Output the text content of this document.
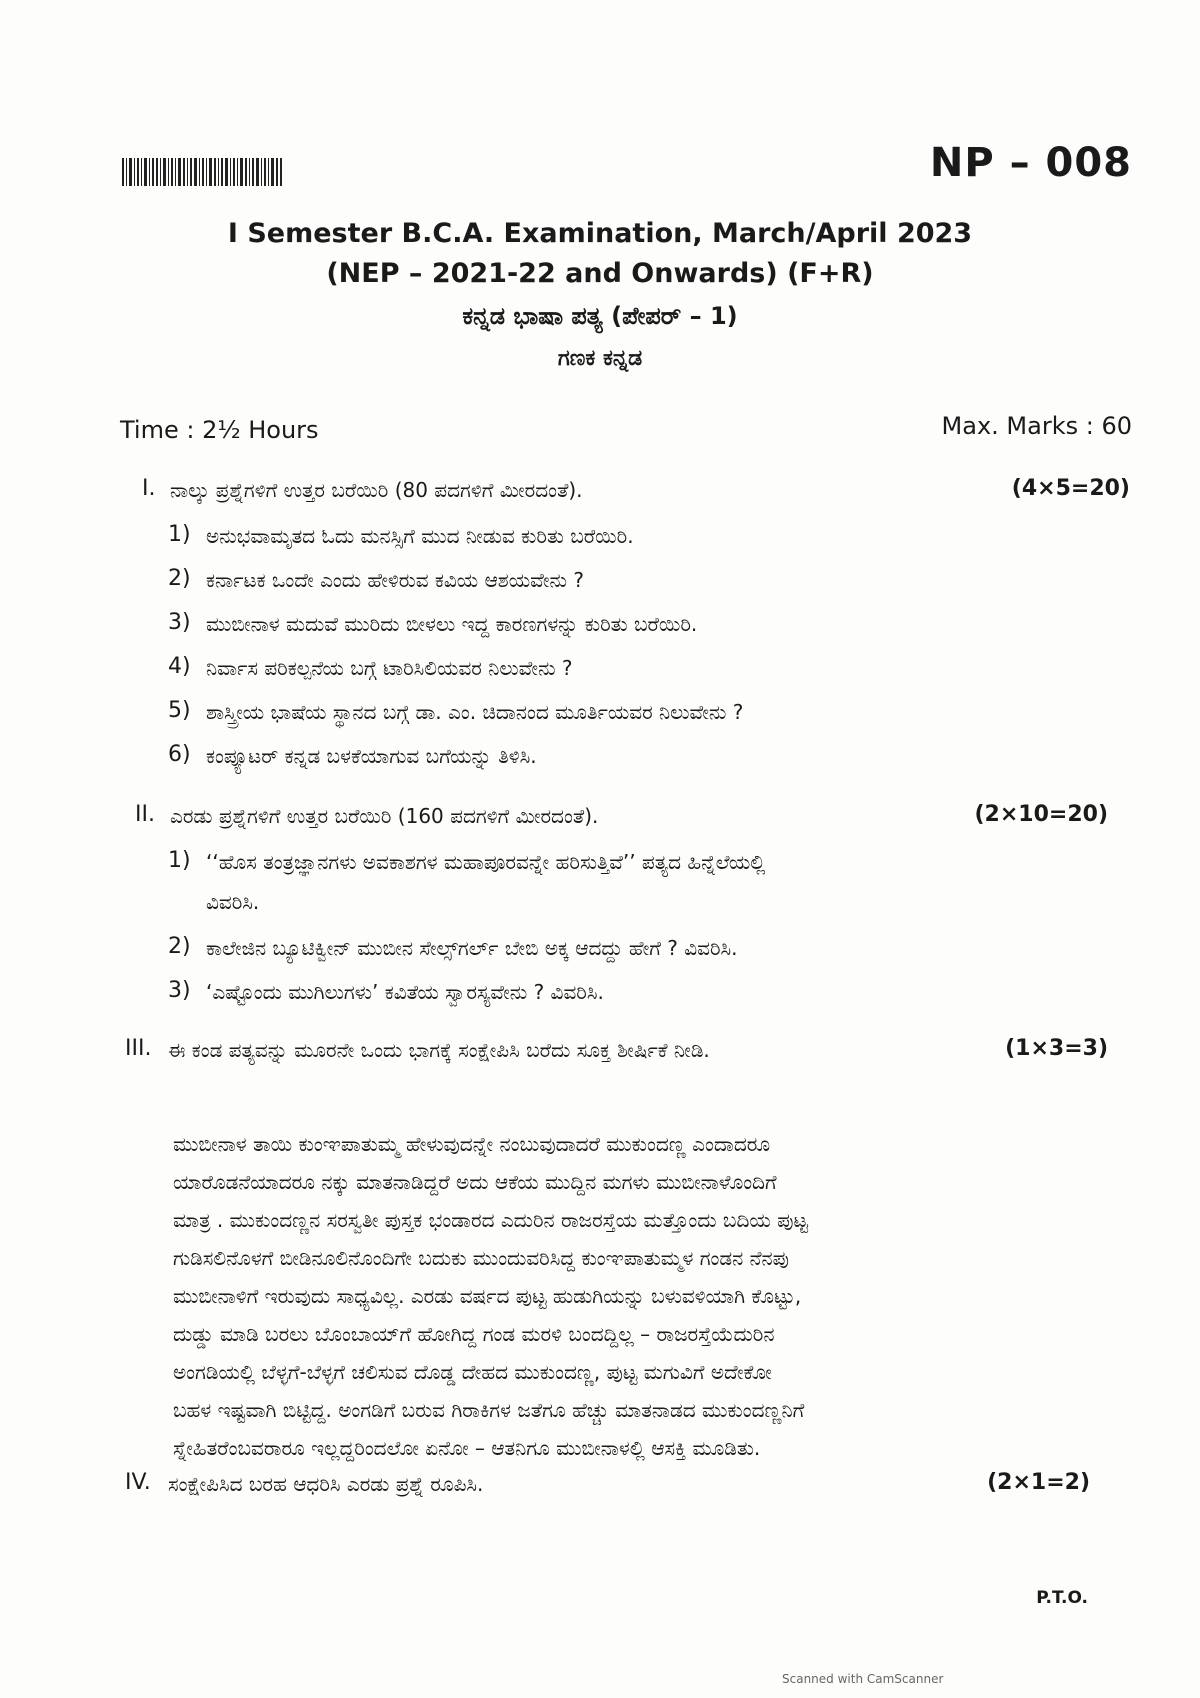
NP – 008
I Semester B.C.A. Examination, March/April 2023
(NEP – 2021-22 and Onwards) (F+R)
ಕನ್ನಡ ಭಾಷಾ ಪತ್ಯ (ಪೇಪರ್ – 1)
ಗಣಕ ಕನ್ನಡ
Time : 2½ Hours	Max. Marks : 60
I. ನಾಲ್ಕು ಪ್ರಶ್ನೆಗಳಿಗೆ ಉತ್ತರ ಬರೆಯಿರಿ (80 ಪದಗಳಿಗೆ ಮೀರದಂತೆ).	(4×5=20)
1) ಅನುಭವಾಮೃತದ ಓದು ಮನಸ್ಸಿಗೆ ಮುದ ನೀಡುವ ಕುರಿತು ಬರೆಯಿರಿ.
2) ಕರ್ನಾಟಕ ಒಂದೇ ಎಂದು ಹೇಳಿರುವ ಕವಿಯ ಆಶಯವೇನು ?
3) ಮುಬೀನಾಳ ಮದುವೆ ಮುರಿದು ಬೀಳಲು ಇದ್ದ ಕಾರಣಗಳನ್ನು ಕುರಿತು ಬರೆಯಿರಿ.
4) ನಿರ್ವಾಸ ಪರಿಕಲ್ಪನೆಯ ಬಗ್ಗೆ ಟಾರಿಸಿಲಿಯವರ ನಿಲುವೇನು ?
5) ಶಾಸ್ತ್ರೀಯ ಭಾಷೆಯ ಸ್ಥಾನದ ಬಗ್ಗೆ ಡಾ. ಎಂ. ಚಿದಾನಂದ ಮೂರ್ತಿಯವರ ನಿಲುವೇನು ?
6) ಕಂಪ್ಯೂಟರ್ ಕನ್ನಡ ಬಳಕೆಯಾಗುವ ಬಗೆಯನ್ನು ತಿಳಿಸಿ.
II. ಎರಡು ಪ್ರಶ್ನೆಗಳಿಗೆ ಉತ್ತರ ಬರೆಯಿರಿ (160 ಪದಗಳಿಗೆ ಮೀರದಂತೆ).	(2×10=20)
1) ‘‘ಹೊಸ ತಂತ್ರಜ್ಞಾನಗಳು ಅವಕಾಶಗಳ ಮಹಾಪೂರವನ್ನೇ ಹರಿಸುತ್ತಿವೆ’’ ಪತ್ಯದ ಹಿನ್ನೆಲೆಯಲ್ಲಿ
ವಿವರಿಸಿ.
2) ಕಾಲೇಜಿನ ಬ್ಯೂಟಿಕ್ವೀನ್ ಮುಬೀನ ಸೇಲ್ಸ್‌ಗರ್ಲ್ ಬೇಬಿ ಅಕ್ಕ ಆದದ್ದು ಹೇಗೆ ? ವಿವರಿಸಿ.
3) ‘ಎಷ್ಟೊಂದು ಮುಗಿಲುಗಳು’ ಕವಿತೆಯ ಸ್ವಾರಸ್ಯವೇನು ? ವಿವರಿಸಿ.
III. ಈ ಕಂಡ ಪತ್ಯವನ್ನು ಮೂರನೇ ಒಂದು ಭಾಗಕ್ಕೆ ಸಂಕ್ಷೇಪಿಸಿ ಬರೆದು ಸೂಕ್ತ ಶೀರ್ಷಿಕೆ ನೀಡಿ.	(1×3=3)
ಮುಬೀನಾಳ ತಾಯಿ ಕುಂಞಪಾತುಮ್ಮ ಹೇಳುವುದನ್ನೇ ನಂಬುವುದಾದರೆ ಮುಕುಂದಣ್ಣ ಎಂದಾದರೂ
ಯಾರೊಡನೆಯಾದರೂ ನಕ್ಕು ಮಾತನಾಡಿದ್ದರೆ ಅದು ಆಕೆಯ ಮುದ್ದಿನ ಮಗಳು ಮುಬೀನಾಳೊಂದಿಗೆ
ಮಾತ್ರ . ಮುಕುಂದಣ್ಣನ ಸರಸ್ವತೀ ಪುಸ್ತಕ ಭಂಡಾರದ ಎದುರಿನ ರಾಜರಸ್ತೆಯ ಮತ್ತೊಂದು ಬದಿಯ ಪುಟ್ಟ
ಗುಡಿಸಲಿನೊಳಗೆ ಬೀಡಿನೂಲಿನೊಂದಿಗೇ ಬದುಕು ಮುಂದುವರಿಸಿದ್ದ ಕುಂಞಪಾತುಮ್ಮಳ ಗಂಡನ ನೆನಪು
ಮುಬೀನಾಳಿಗೆ ಇರುವುದು ಸಾಧ್ಯವಿಲ್ಲ. ಎರಡು ವರ್ಷದ ಪುಟ್ಟ ಹುಡುಗಿಯನ್ನು ಬಳುವಳಿಯಾಗಿ ಕೊಟ್ಟು,
ದುಡ್ಡು ಮಾಡಿ ಬರಲು ಬೊಂಬಾಯ್‌ಗೆ ಹೋಗಿದ್ದ ಗಂಡ ಮರಳಿ ಬಂದದ್ದಿಲ್ಲ – ರಾಜರಸ್ತೆಯೆದುರಿನ
ಅಂಗಡಿಯಲ್ಲಿ ಬೆಳ್ಳಗೆ-ಬೆಳ್ಳಗೆ ಚಲಿಸುವ ದೊಡ್ಡ ದೇಹದ ಮುಕುಂದಣ್ಣ, ಪುಟ್ಟ ಮಗುವಿಗೆ ಅದೇಕೋ
ಬಹಳ ಇಷ್ಟವಾಗಿ ಬಿಟ್ಟಿದ್ದ. ಅಂಗಡಿಗೆ ಬರುವ ಗಿರಾಕಿಗಳ ಜತೆಗೂ ಹೆಚ್ಚು ಮಾತನಾಡದ ಮುಕುಂದಣ್ಣನಿಗೆ
ಸ್ನೇಹಿತರೆಂಬವರಾರೂ ಇಲ್ಲದ್ದರಿಂದಲೋ ಏನೋ – ಆತನಿಗೂ ಮುಬೀನಾಳಲ್ಲಿ ಆಸಕ್ತಿ ಮೂಡಿತು.
IV. ಸಂಕ್ಷೇಪಿಸಿದ ಬರಹ ಆಧರಿಸಿ ಎರಡು ಪ್ರಶ್ನೆ ರೂಪಿಸಿ.	(2×1=2)
P.T.O.
Scanned with CamScanner
